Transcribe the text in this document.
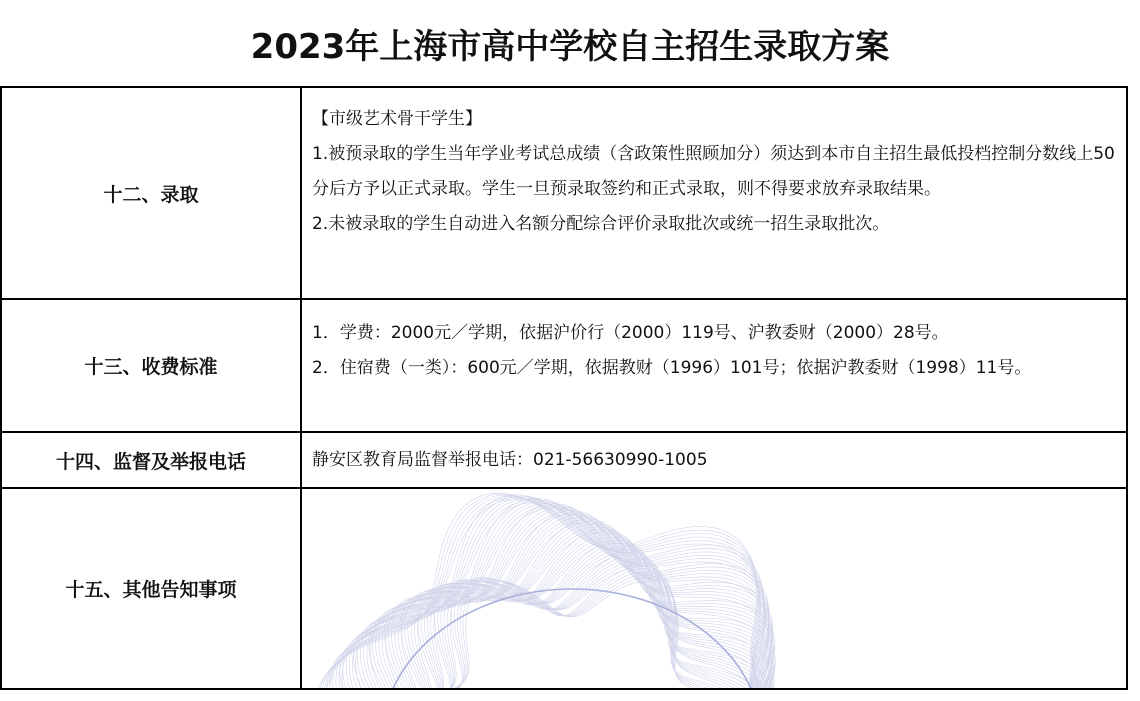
2023年上海市高中学校自主招生录取方案
十二、录取

【市级艺术骨干学生】

1.被预录取的学生当年学业考试总成绩（含政策性照顾加分）须达到本市自主招生最低投档控制分数线上50分后方予以正式录取。学生一旦预录取签约和正式录取，则不得要求放弃录取结果。

2.未被录取的学生自动进入名额分配综合评价录取批次或统一招生录取批次。

十三、收费标准

1．学费：2000元／学期，依据沪价行（2000）119号、沪教委财（2000）28号。

2．住宿费（一类）：600元／学期，依据教财（1996）101号；依据沪教委财（1998）11号。

十四、监督及举报电话	静安区教育局监督举报电话：021-56630990-1005
十五、其他告知事项
